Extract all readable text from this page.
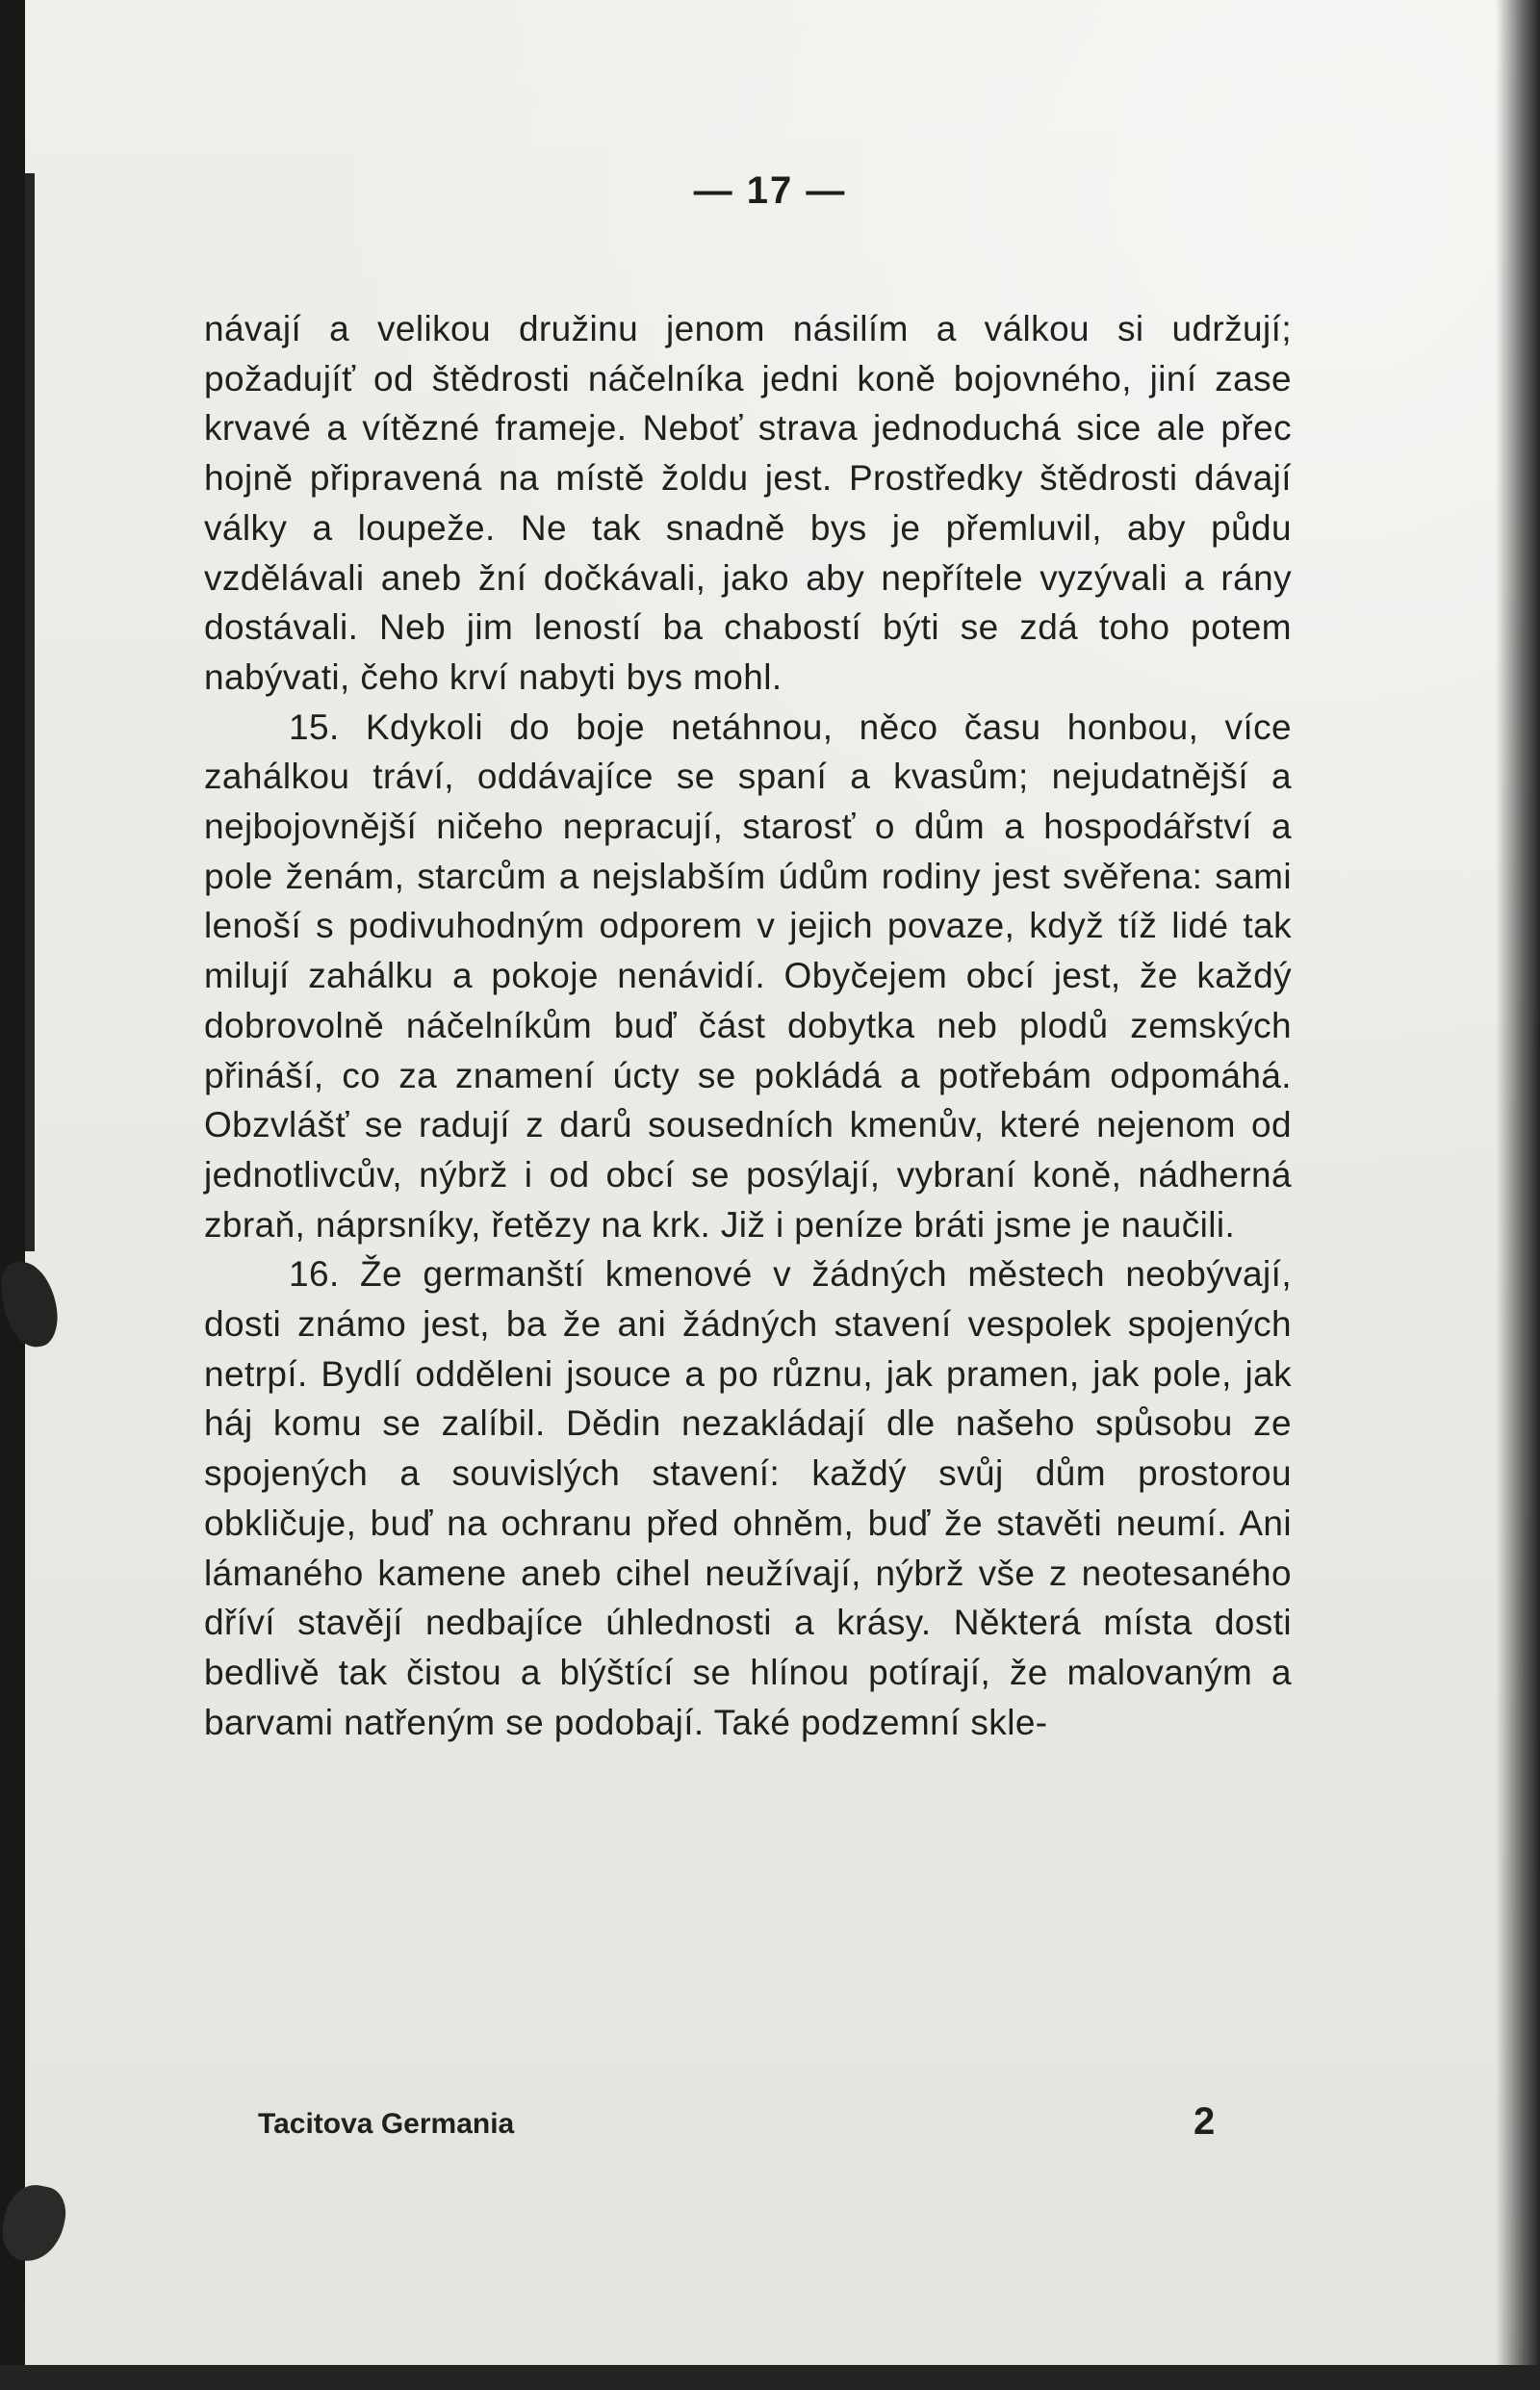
— 17 —

návají a velikou družinu jenom násilím a válkou si udržují; požadujíť od štědrosti náčelníka jedni koně bojovného, jiní zase krvavé a vítězné frameje. Neboť strava jednoduchá sice ale přec hojně připravená na místě žoldu jest. Prostředky štědrosti dávají války a loupeže. Ne tak snadně bys je přemluvil, aby půdu vzdělávali aneb žní dočkávali, jako aby nepřítele vyzývali a rány dostávali. Neb jim leností ba chabostí býti se zdá toho potem nabývati, čeho krví nabyti bys mohl.

15. Kdykoli do boje netáhnou, něco času honbou, více zahálkou tráví, oddávajíce se spaní a kvasům; nejudatnější a nejbojovnější ničeho nepracují, starosť o dům a hospodářství a pole ženám, starcům a nejslabším údům rodiny jest svěřena: sami lenoší s podivuhodným odporem v jejich povaze, když tíž lidé tak milují zahálku a pokoje nenávidí. Obyčejem obcí jest, že každý dobrovolně náčelníkům buď část dobytka neb plodů zemských přináší, co za znamení úcty se pokládá a potřebám odpomáhá. Obzvlášť se radují z darů sousedních kmenův, které nejenom od jednotlivcův, nýbrž i od obcí se posýlají, vybraní koně, nádherná zbraň, náprsníky, řetězy na krk. Již i peníze bráti jsme je naučili.

16. Že germanští kmenové v žádných městech neobývají, dosti známo jest, ba že ani žádných stavení vespolek spojených netrpí. Bydlí odděleni jsouce a po různu, jak pramen, jak pole, jak háj komu se zalíbil. Dědin nezakládají dle našeho spůsobu ze spojených a souvislých stavení: každý svůj dům prostorou obkličuje, buď na ochranu před ohněm, buď že stavěti neumí. Ani lámaného kamene aneb cihel neužívají, nýbrž vše z neotesaného dříví stavějí nedbajíce úhlednosti a krásy. Některá místa dosti bedlivě tak čistou a blýštící se hlínou potírají, že malovaným a barvami natřeným se podobají. Také podzemní skle-

Tacitova Germania	2
